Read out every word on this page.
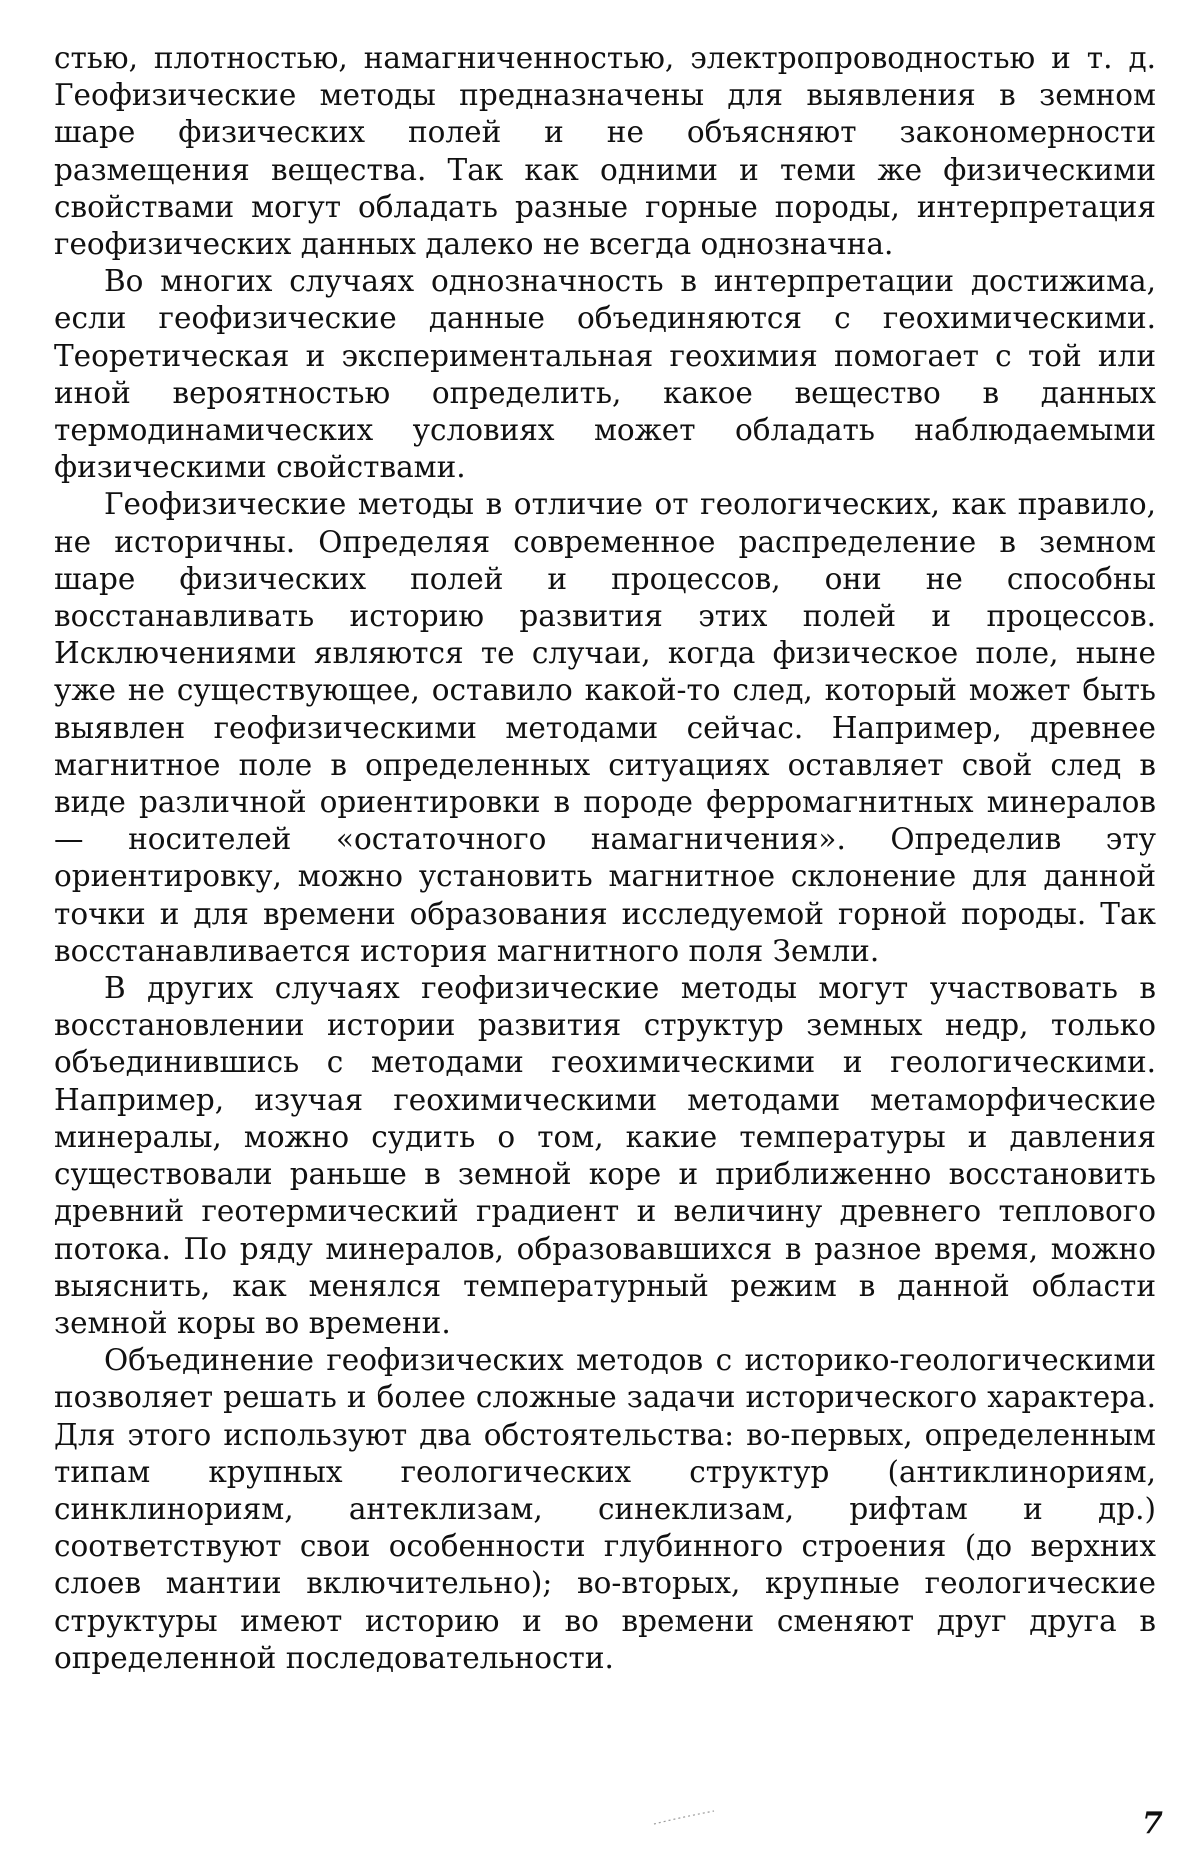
стью, плотностью, намагниченностью, электропроводностью и т. д. Геофизические методы предназначены для выявления в земном шаре физических полей и не объясняют закономерности размещения вещества. Так как одними и теми же физическими свойствами могут обладать разные горные породы, интерпретация геофизических данных далеко не всегда однозначна.

Во многих случаях однозначность в интерпретации достижима, если геофизические данные объединяются с геохимическими. Теоретическая и экспериментальная геохимия помогает с той или иной вероятностью определить, какое вещество в данных термодинамических условиях может обладать наблюдаемыми физическими свойствами.

Геофизические методы в отличие от геологических, как правило, не историчны. Определяя современное распределение в земном шаре физических полей и процессов, они не способны восстанавливать историю развития этих полей и процессов. Исключениями являются те случаи, когда физическое поле, ныне уже не существующее, оставило какой-то след, который может быть выявлен геофизическими методами сейчас. Например, древнее магнитное поле в определенных ситуациях оставляет свой след в виде различной ориентировки в породе ферромагнитных минералов — носителей «остаточного намагничения». Определив эту ориентировку, можно установить магнитное склонение для данной точки и для времени образования исследуемой горной породы. Так восстанавливается история магнитного поля Земли.

В других случаях геофизические методы могут участвовать в восстановлении истории развития структур земных недр, только объединившись с методами геохимическими и геологическими. Например, изучая геохимическими методами метаморфические минералы, можно судить о том, какие температуры и давления существовали раньше в земной коре и приближенно восстановить древний геотермический градиент и величину древнего теплового потока. По ряду минералов, образовавшихся в разное время, можно выяснить, как менялся температурный режим в данной области земной коры во времени.

Объединение геофизических методов с историко-геологическими позволяет решать и более сложные задачи исторического характера. Для этого используют два обстоятельства: во-первых, определенным типам крупных геологических структур (антиклинориям, синклинориям, антеклизам, синеклизам, рифтам и др.) соответствуют свои особенности глубинного строения (до верхних слоев мантии включительно); во-вторых, крупные геологические структуры имеют историю и во времени сменяют друг друга в определенной последовательности.

7
